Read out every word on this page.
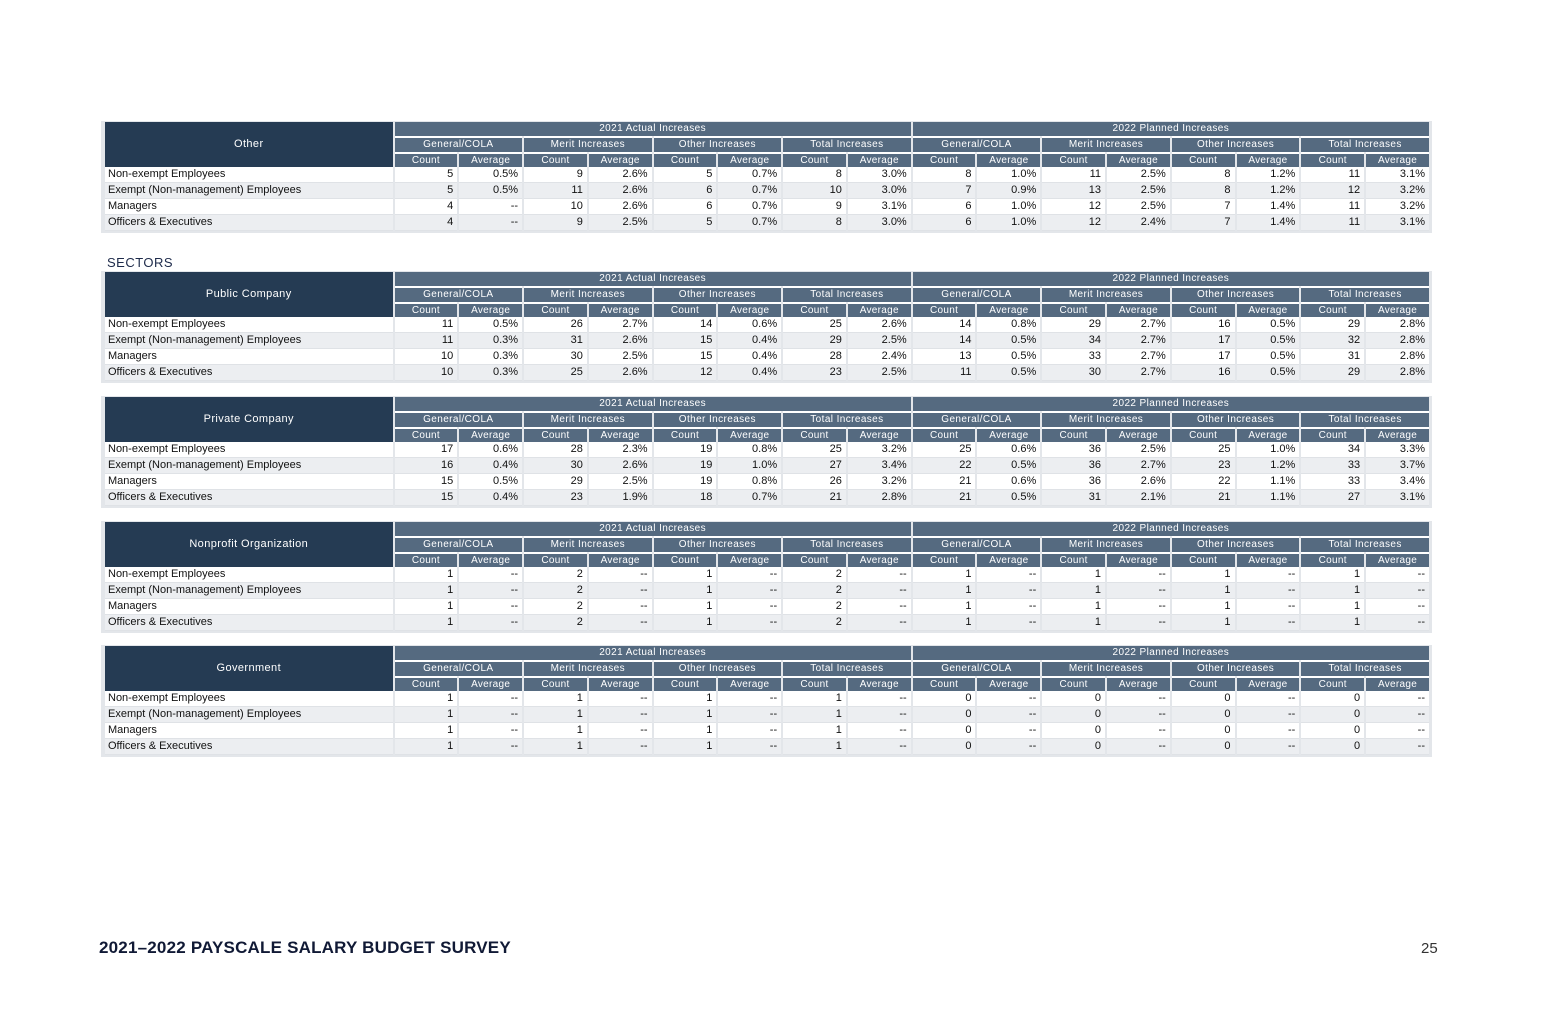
Other	2021 Actual Increases								2022 Planned Increases							
	General/COLA		Merit Increases		Other Increases		Total Increases		General/COLA		Merit Increases		Other Increases		Total Increases	
	Count	Average	Count	Average	Count	Average	Count	Average	Count	Average	Count	Average	Count	Average	Count	Average
Non-exempt Employees	5	0.5%	9	2.6%	5	0.7%	8	3.0%	8	1.0%	11	2.5%	8	1.2%	11	3.1%
Exempt (Non-management) Employees	5	0.5%	11	2.6%	6	0.7%	10	3.0%	7	0.9%	13	2.5%	8	1.2%	12	3.2%
Managers	4	--	10	2.6%	6	0.7%	9	3.1%	6	1.0%	12	2.5%	7	1.4%	11	3.2%
Officers & Executives	4	--	9	2.5%	5	0.7%	8	3.0%	6	1.0%	12	2.4%	7	1.4%	11	3.1%
Public Company	2021 Actual Increases								2022 Planned Increases							
	General/COLA		Merit Increases		Other Increases		Total Increases		General/COLA		Merit Increases		Other Increases		Total Increases	
	Count	Average	Count	Average	Count	Average	Count	Average	Count	Average	Count	Average	Count	Average	Count	Average
Non-exempt Employees	11	0.5%	26	2.7%	14	0.6%	25	2.6%	14	0.8%	29	2.7%	16	0.5%	29	2.8%
Exempt (Non-management) Employees	11	0.3%	31	2.6%	15	0.4%	29	2.5%	14	0.5%	34	2.7%	17	0.5%	32	2.8%
Managers	10	0.3%	30	2.5%	15	0.4%	28	2.4%	13	0.5%	33	2.7%	17	0.5%	31	2.8%
Officers & Executives	10	0.3%	25	2.6%	12	0.4%	23	2.5%	11	0.5%	30	2.7%	16	0.5%	29	2.8%
Private Company	2021 Actual Increases								2022 Planned Increases							
	General/COLA		Merit Increases		Other Increases		Total Increases		General/COLA		Merit Increases		Other Increases		Total Increases	
	Count	Average	Count	Average	Count	Average	Count	Average	Count	Average	Count	Average	Count	Average	Count	Average
Non-exempt Employees	17	0.6%	28	2.3%	19	0.8%	25	3.2%	25	0.6%	36	2.5%	25	1.0%	34	3.3%
Exempt (Non-management) Employees	16	0.4%	30	2.6%	19	1.0%	27	3.4%	22	0.5%	36	2.7%	23	1.2%	33	3.7%
Managers	15	0.5%	29	2.5%	19	0.8%	26	3.2%	21	0.6%	36	2.6%	22	1.1%	33	3.4%
Officers & Executives	15	0.4%	23	1.9%	18	0.7%	21	2.8%	21	0.5%	31	2.1%	21	1.1%	27	3.1%
Nonprofit Organization	2021 Actual Increases								2022 Planned Increases							
	General/COLA		Merit Increases		Other Increases		Total Increases		General/COLA		Merit Increases		Other Increases		Total Increases	
	Count	Average	Count	Average	Count	Average	Count	Average	Count	Average	Count	Average	Count	Average	Count	Average
Non-exempt Employees	1	--	2	--	1	--	2	--	1	--	1	--	1	--	1	--
Exempt (Non-management) Employees	1	--	2	--	1	--	2	--	1	--	1	--	1	--	1	--
Managers	1	--	2	--	1	--	2	--	1	--	1	--	1	--	1	--
Officers & Executives	1	--	2	--	1	--	2	--	1	--	1	--	1	--	1	--
Government	2021 Actual Increases								2022 Planned Increases							
	General/COLA		Merit Increases		Other Increases		Total Increases		General/COLA		Merit Increases		Other Increases		Total Increases	
	Count	Average	Count	Average	Count	Average	Count	Average	Count	Average	Count	Average	Count	Average	Count	Average
Non-exempt Employees	1	--	1	--	1	--	1	--	0	--	0	--	0	--	0	--
Exempt (Non-management) Employees	1	--	1	--	1	--	1	--	0	--	0	--	0	--	0	--
Managers	1	--	1	--	1	--	1	--	0	--	0	--	0	--	0	--
Officers & Executives	1	--	1	--	1	--	1	--	0	--	0	--	0	--	0	--
SECTORS
2021–2022 PAYSCALE SALARY BUDGET SURVEY	25
